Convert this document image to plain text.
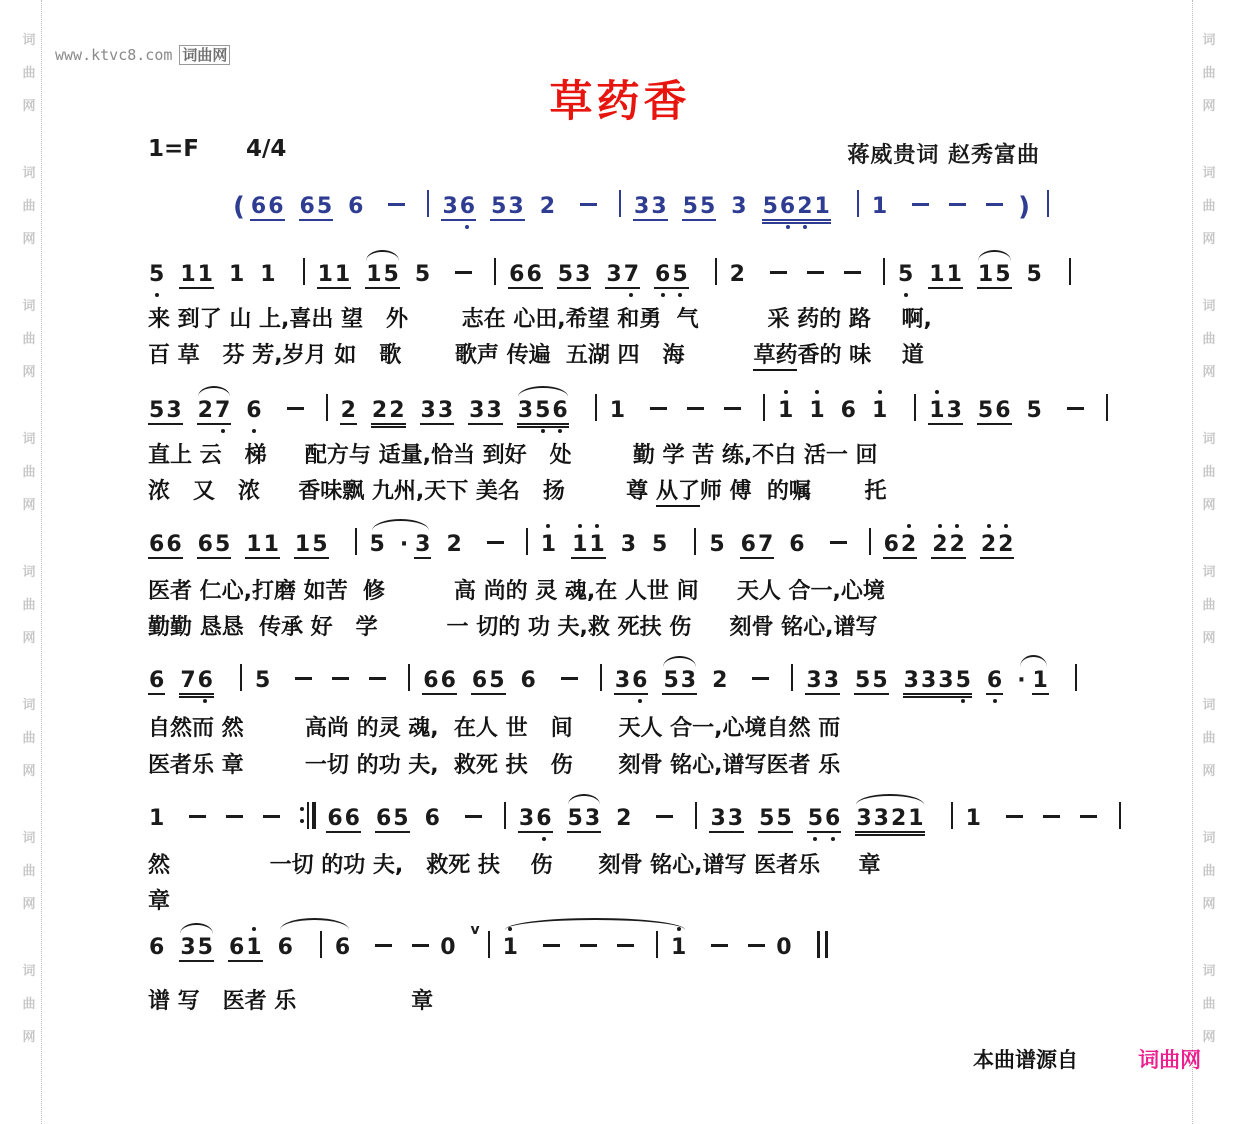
词
曲
网
词
曲
网
词
曲
网
词
曲
网
词
曲
网
词
曲
网
词
曲
网
词
曲
网
词
曲
网
词
曲
网
词
曲
网
词
曲
网
词
曲
网
词
曲
网
词
曲
网
词
曲
网
www.ktvc8.com 词曲网
草药香
1=F 4/4	蒋威贵词 赵秀富曲
( 66 65 6	36 53 2	33 55 3 5621 1	)
5 11 1 1 11 15 5	66 53 37 65 2	5 11 15 5
来 到了 山 上,喜出 望   外       志在 心田,希望 和勇  气         采 药的 路    啊,
百 草   芬 芳,岁月 如   歌       歌声 传遍  五湖 四   海         草药香的 味    道
53 27 6	2 22 33 33 356 1	1 1 6 1 13 56 5
直上 云   梯     配方与 适量,恰当 到好   处        勤 学 苦 练,不白 活一 回
浓   又   浓     香味飘 九州,天下 美名   扬        尊 从了师 傅  的嘱       托
66 65 11 15 5 · 3 2	1 11 3 5 5 67 6	62 22 22
医者 仁心,打磨 如苦  修         高 尚的 灵 魂,在 人世 间     天人 合一,心境
勤勤 恳恳  传承 好   学         一 切的 功 夫,救 死扶 伤     刻骨 铭心,谱写
6 76 5	66 65 6	36 53 2	33 55 3335 6 · 1
自然而 然        高尚 的灵 魂,  在人 世   间      天人 合一,心境自然 而
医者乐 章        一切 的功 夫,  救死 扶   伤      刻骨 铭心,谱写医者 乐
1	66 65 6	36 53 2	33 55 56 3321 1
然             一切 的功 夫,   救死 扶    伤      刻骨 铭心,谱写 医者乐     章
章
6 35 61 6 6	0$^v$1	1	0
谱 写   医者 乐               章
本曲谱源自	词曲网
